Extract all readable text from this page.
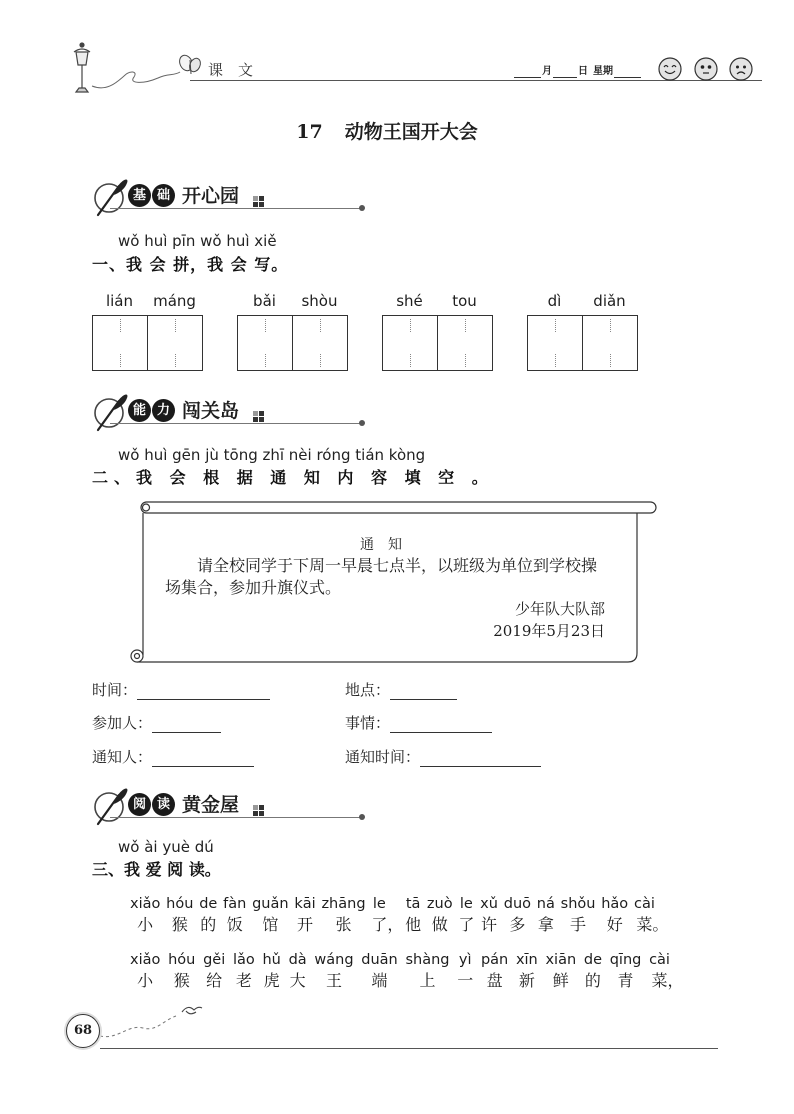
课　文	月	日 星期
17 动物王国开大会
基 础 开心园
wǒ huì pīn wǒ huì xiě
一、我 会 拼，我 会 写。
lián	máng	bǎi	shòu	shé	tou	dì	diǎn
能 力 闯关岛
wǒ huì gēn jù tōng zhī nèi róng tián kòng
二、我 会 根 据 通 知 内 容 填 空 。
通　知
请全校同学于下周一早晨七点半，以班级为单位到学校操场集合，参加升旗仪式。
少年队大队部
2019年5月23日
时间：	地点：
参加人：	事情：
通知人：	通知时间：
阅 读 黄金屋
wǒ ài yuè dú
三、我 爱 阅 读。
xiǎo
小
hóu
猴
de
的
fàn
饭
guǎn
馆
kāi
开
zhāng
张
le
了 ，
tā
他
zuò
做
le
了
xǔ
许
duō
多
ná
拿
shǒu
手
hǎo
好
cài
菜 。
xiǎo
小
hóu
猴
gěi
给
lǎo
老
hǔ
虎
dà
大
wáng
王
duān
端
shàng
上
yì
一
pán
盘
xīn
新
xiān
鲜
de
的
qīng
青
cài
菜 ，
68
